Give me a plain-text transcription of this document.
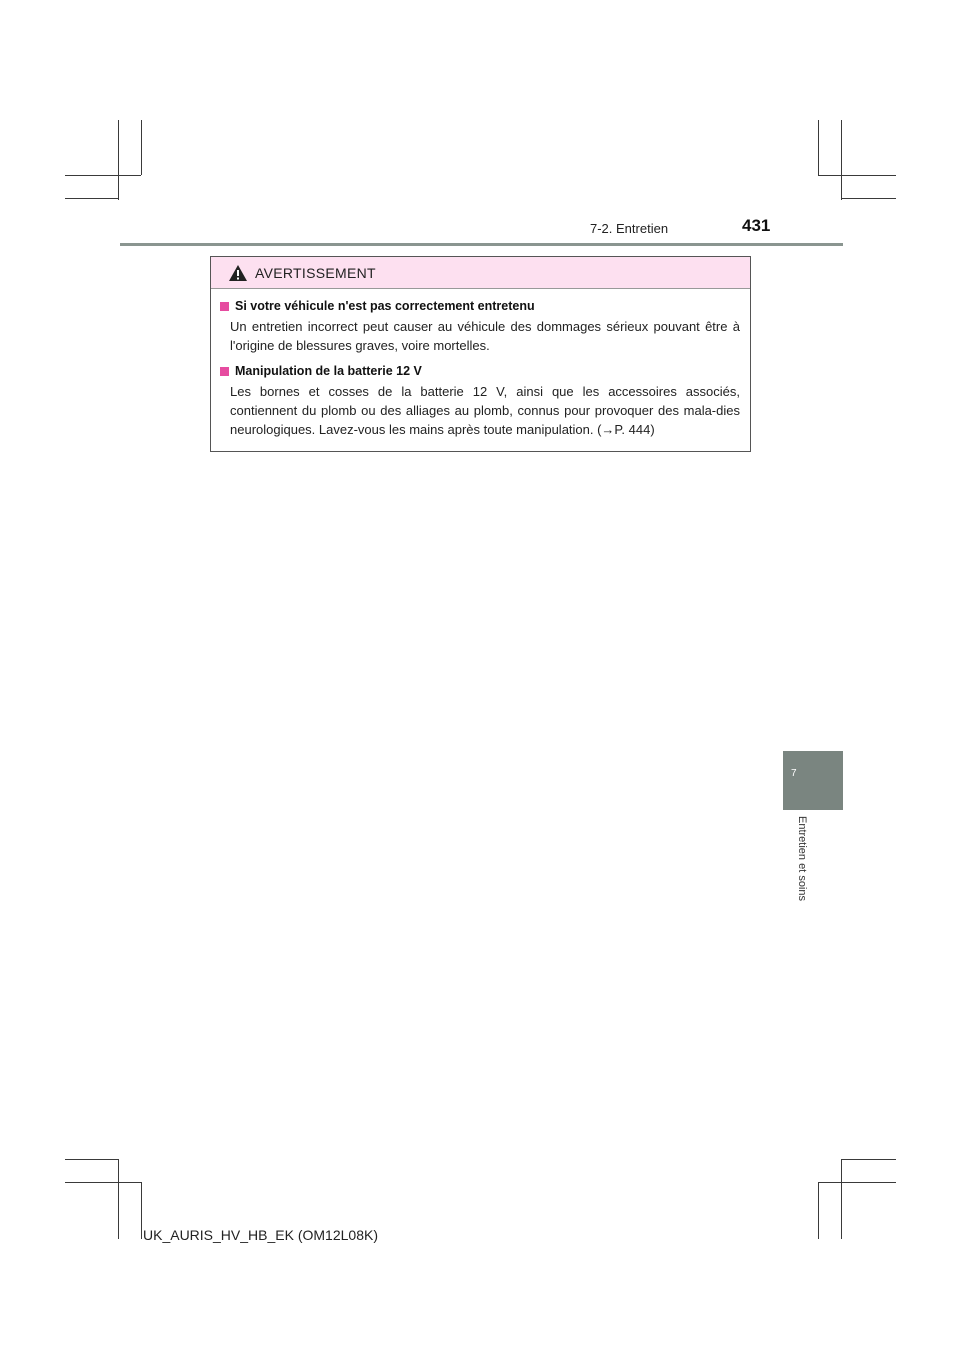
7-2. Entretien	431
AVERTISSEMENT
Si votre véhicule n'est pas correctement entretenu
Un entretien incorrect peut causer au véhicule des dommages sérieux pouvant être à l'origine de blessures graves, voire mortelles.
Manipulation de la batterie 12 V
Les bornes et cosses de la batterie 12 V, ainsi que les accessoires associés, contiennent du plomb ou des alliages au plomb, connus pour provoquer des mala-dies neurologiques. Lavez-vous les mains après toute manipulation. (→P. 444)
7
Entretien et soins
UK_AURIS_HV_HB_EK (OM12L08K)
